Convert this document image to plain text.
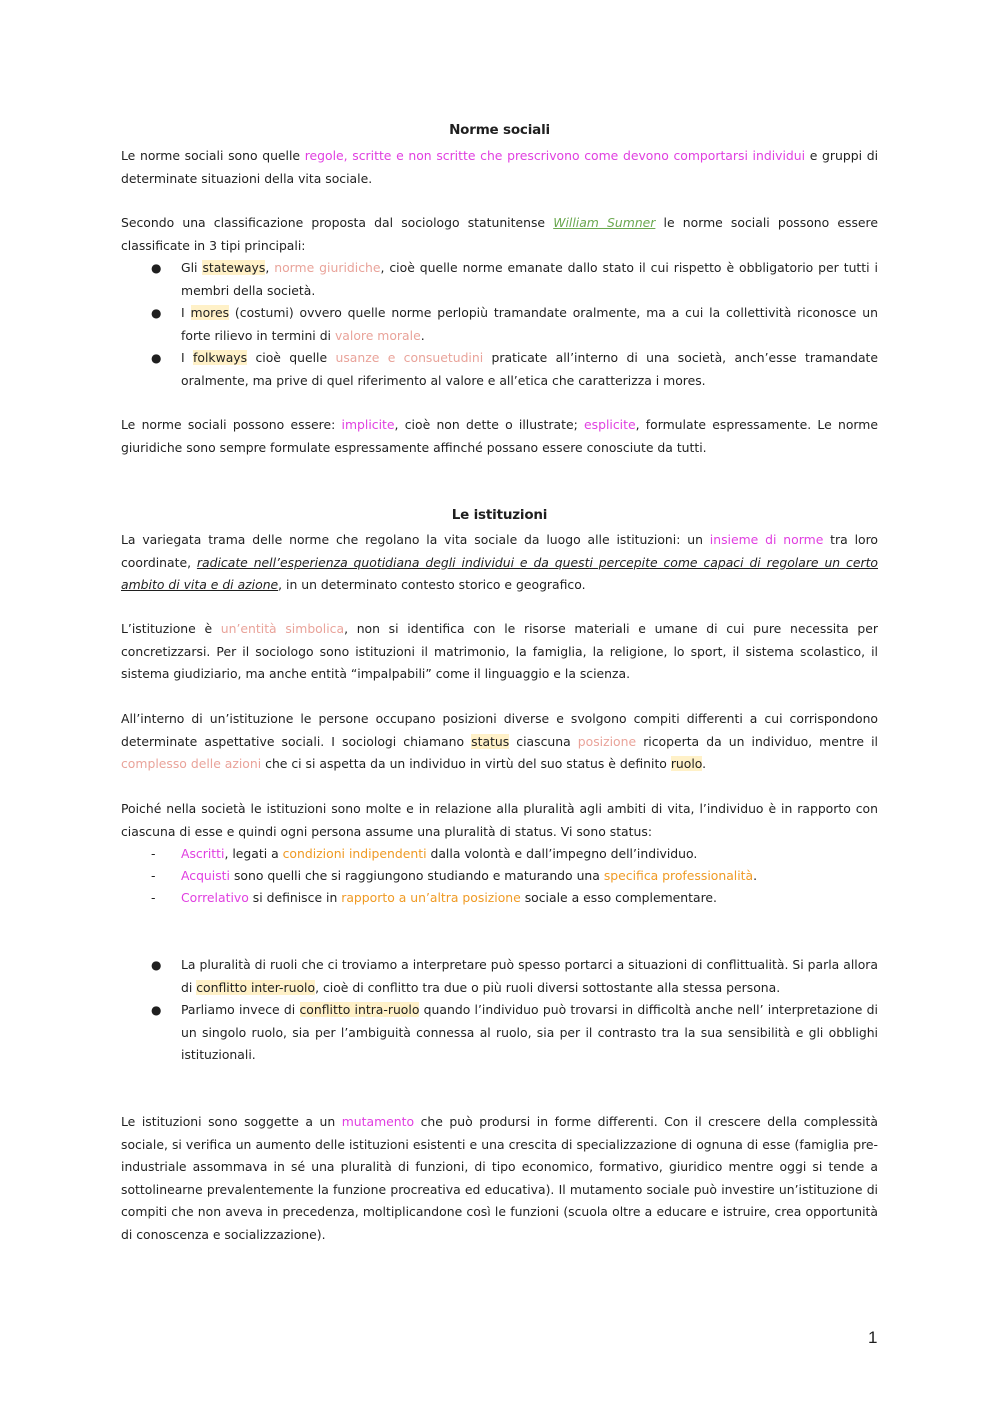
Norme sociali
Le norme sociali sono quelle regole, scritte e non scritte che prescrivono come devono comportarsi individui e gruppi di determinate situazioni della vita sociale.
Secondo una classificazione proposta dal sociologo statunitense William Sumner le norme sociali possono essere classificate in 3 tipi principali:
● Gli stateways, norme giuridiche, cioè quelle norme emanate dallo stato il cui rispetto è obbligatorio per tutti i membri della società.
● I mores (costumi) ovvero quelle norme perlopiù tramandate oralmente, ma a cui la collettività riconosce un forte rilievo in termini di valore morale.
● I folkways cioè quelle usanze e consuetudini praticate all’interno di una società, anch’esse tramandate oralmente, ma prive di quel riferimento al valore e all’etica che caratterizza i mores.
Le norme sociali possono essere: implicite, cioè non dette o illustrate; esplicite, formulate espressamente. Le norme giuridiche sono sempre formulate espressamente affinché possano essere conosciute da tutti.
Le istituzioni
La variegata trama delle norme che regolano la vita sociale da luogo alle istituzioni: un insieme di norme tra loro coordinate, radicate nell’esperienza quotidiana degli individui e da questi percepite come capaci di regolare un certo ambito di vita e di azione, in un determinato contesto storico e geografico.
L’istituzione è un’entità simbolica, non si identifica con le risorse materiali e umane di cui pure necessita per concretizzarsi. Per il sociologo sono istituzioni il matrimonio, la famiglia, la religione, lo sport, il sistema scolastico, il sistema giudiziario, ma anche entità “impalpabili” come il linguaggio e la scienza.
All’interno di un’istituzione le persone occupano posizioni diverse e svolgono compiti differenti a cui corrispondono determinate aspettative sociali. I sociologi chiamano status ciascuna posizione ricoperta da un individuo, mentre il complesso delle azioni che ci si aspetta da un individuo in virtù del suo status è definito ruolo.
Poiché nella società le istituzioni sono molte e in relazione alla pluralità agli ambiti di vita, l’individuo è in rapporto con ciascuna di esse e quindi ogni persona assume una pluralità di status. Vi sono status:
- Ascritti, legati a condizioni indipendenti dalla volontà e dall’impegno dell’individuo.
- Acquisti sono quelli che si raggiungono studiando e maturando una specifica professionalità.
- Correlativo si definisce in rapporto a un’altra posizione sociale a esso complementare.
● La pluralità di ruoli che ci troviamo a interpretare può spesso portarci a situazioni di conflittualità. Si parla allora di conflitto inter-ruolo, cioè di conflitto tra due o più ruoli diversi sottostante alla stessa persona.
● Parliamo invece di conflitto intra-ruolo quando l’individuo può trovarsi in difficoltà anche nell’ interpretazione di un singolo ruolo, sia per l’ambiguità connessa al ruolo, sia per il contrasto tra la sua sensibilità e gli obblighi istituzionali.
Le istituzioni sono soggette a un mutamento che può prodursi in forme differenti. Con il crescere della complessità sociale, si verifica un aumento delle istituzioni esistenti e una crescita di specializzazione di ognuna di esse (famiglia pre-industriale assommava in sé una pluralità di funzioni, di tipo economico, formativo, giuridico mentre oggi si tende a sottolinearne prevalentemente la funzione procreativa ed educativa). Il mutamento sociale può investire un’istituzione di compiti che non aveva in precedenza, moltiplicandone così le funzioni (scuola oltre a educare e istruire, crea opportunità di conoscenza e socializzazione).
1
